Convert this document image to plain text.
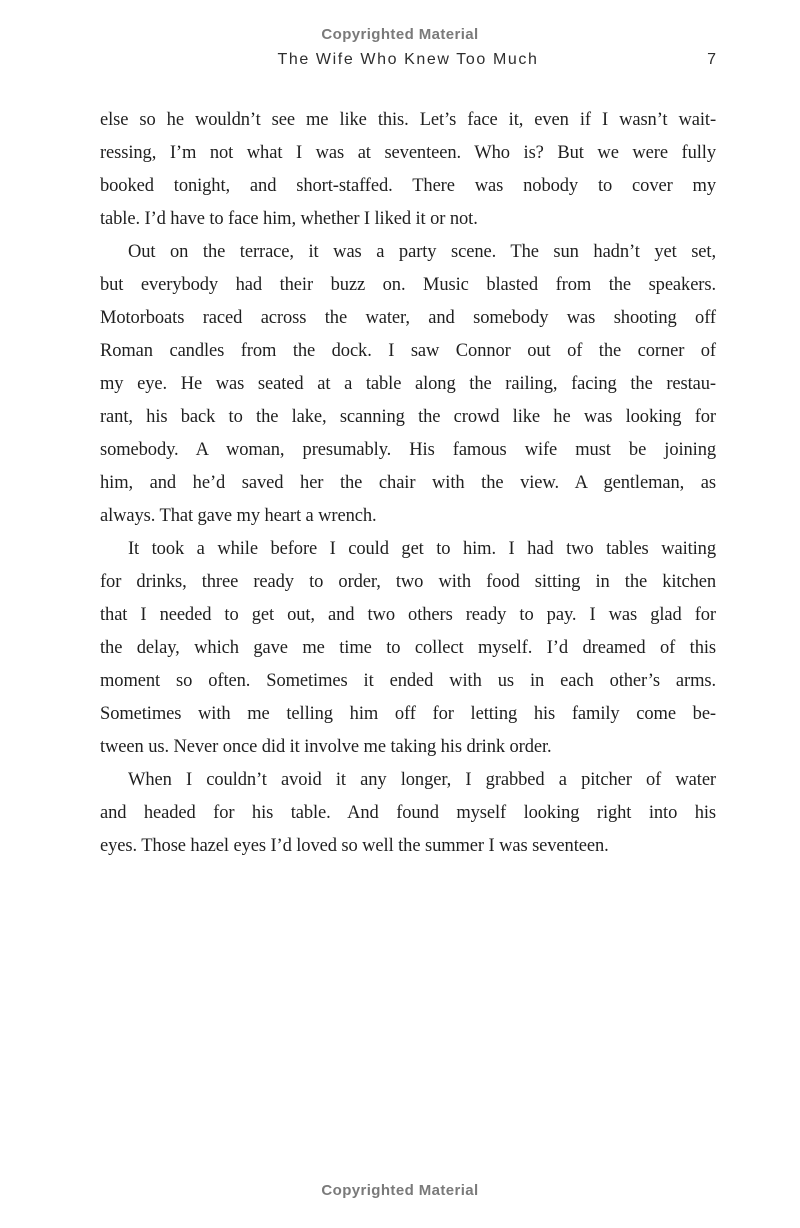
Copyrighted Material
The Wife Who Knew Too Much	7

else so he wouldn’t see me like this. Let’s face it, even if I wasn’t wait-
ressing, I’m not what I was at seventeen. Who is? But we were fully
booked tonight, and short-staffed. There was nobody to cover my
table. I’d have to face him, whether I liked it or not.

Out on the terrace, it was a party scene. The sun hadn’t yet set,
but everybody had their buzz on. Music blasted from the speakers.
Motorboats raced across the water, and somebody was shooting off
Roman candles from the dock. I saw Connor out of the corner of
my eye. He was seated at a table along the railing, facing the restau-
rant, his back to the lake, scanning the crowd like he was looking for
somebody. A woman, presumably. His famous wife must be joining
him, and he’d saved her the chair with the view. A gentleman, as
always. That gave my heart a wrench.

It took a while before I could get to him. I had two tables waiting
for drinks, three ready to order, two with food sitting in the kitchen
that I needed to get out, and two others ready to pay. I was glad for
the delay, which gave me time to collect myself. I’d dreamed of this
moment so often. Sometimes it ended with us in each other’s arms.
Sometimes with me telling him off for letting his family come be-
tween us. Never once did it involve me taking his drink order.

When I couldn’t avoid it any longer, I grabbed a pitcher of water
and headed for his table. And found myself looking right into his
eyes. Those hazel eyes I’d loved so well the summer I was seventeen.

Copyrighted Material
